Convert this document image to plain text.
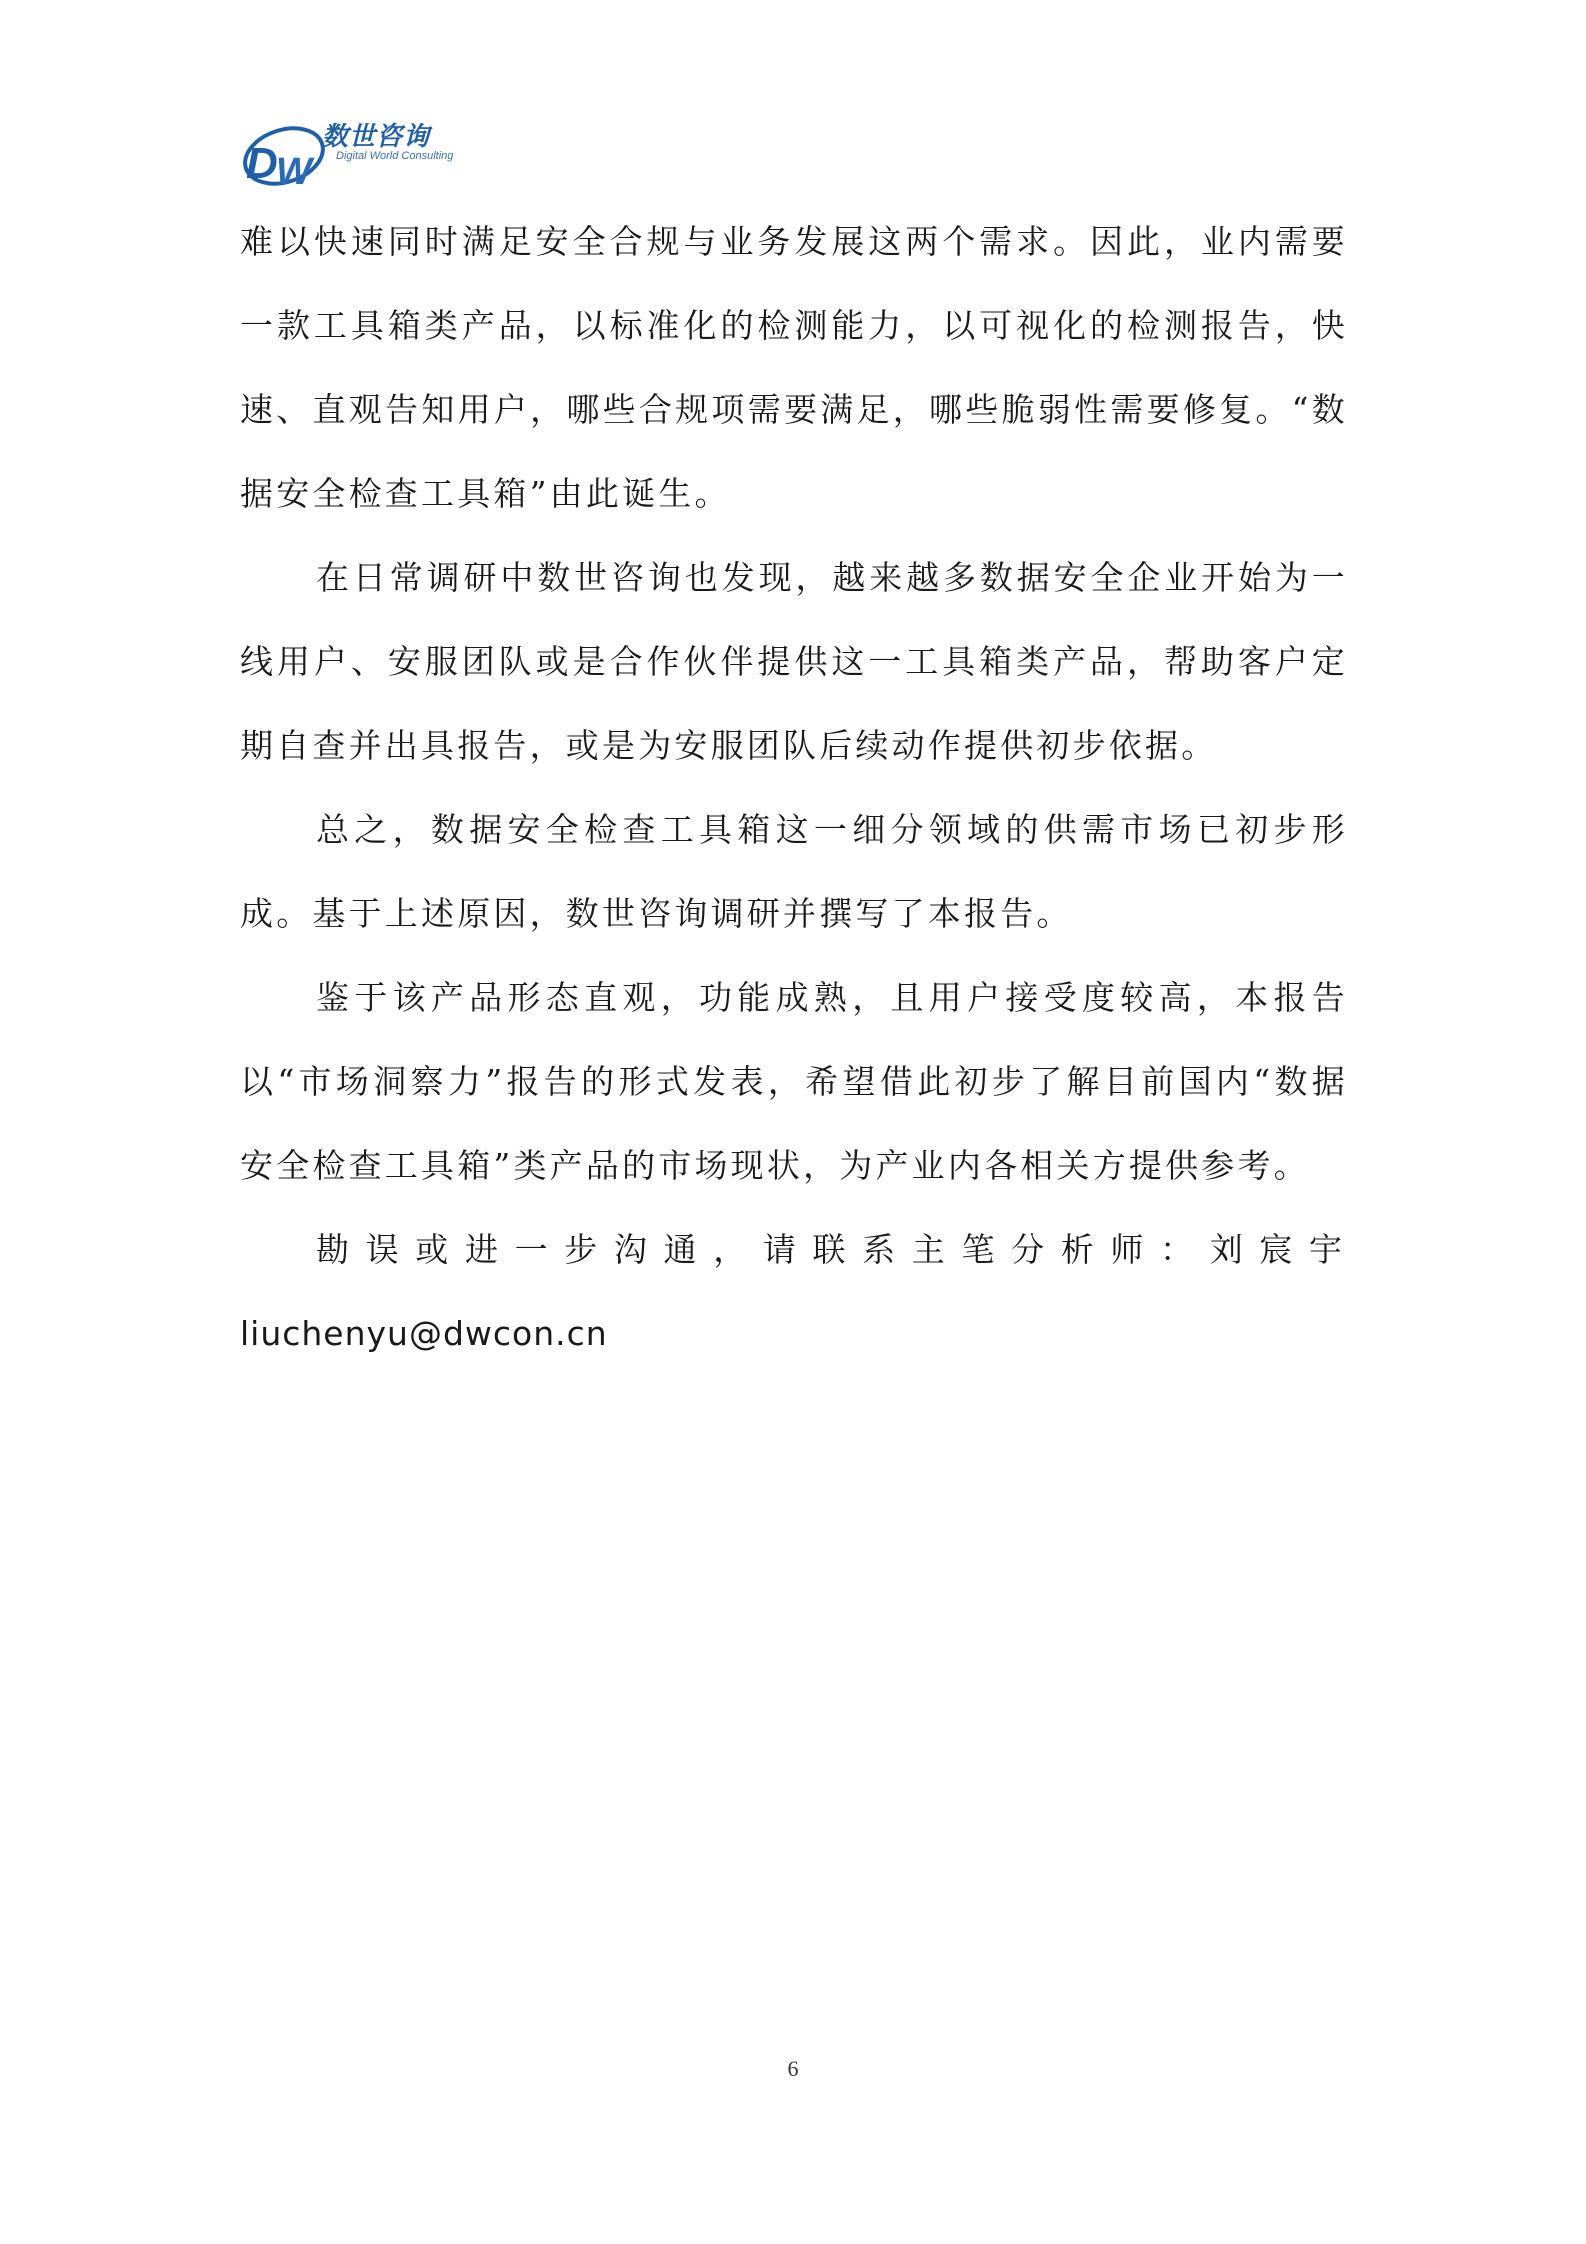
D
W
数世咨询
Digital World Consulting

难以快速同时满足安全合规与业务发展这两个需求。因此，业内需要一款工具箱类产品，以标准化的检测能力，以可视化的检测报告，快速、直观告知用户，哪些合规项需要满足，哪些脆弱性需要修复。“数据安全检查工具箱”由此诞生。

在日常调研中数世咨询也发现，越来越多数据安全企业开始为一线用户、安服团队或是合作伙伴提供这一工具箱类产品，帮助客户定期自查并出具报告，或是为安服团队后续动作提供初步依据。

总之，数据安全检查工具箱这一细分领域的供需市场已初步形成。基于上述原因，数世咨询调研并撰写了本报告。

鉴于该产品形态直观，功能成熟，且用户接受度较高，本报告以“市场洞察力”报告的形式发表，希望借此初步了解目前国内“数据安全检查工具箱”类产品的市场现状，为产业内各相关方提供参考。

勘误或进一步沟通，请联系主笔分析师：刘宸宇

liuchenyu@dwcon.cn

6
